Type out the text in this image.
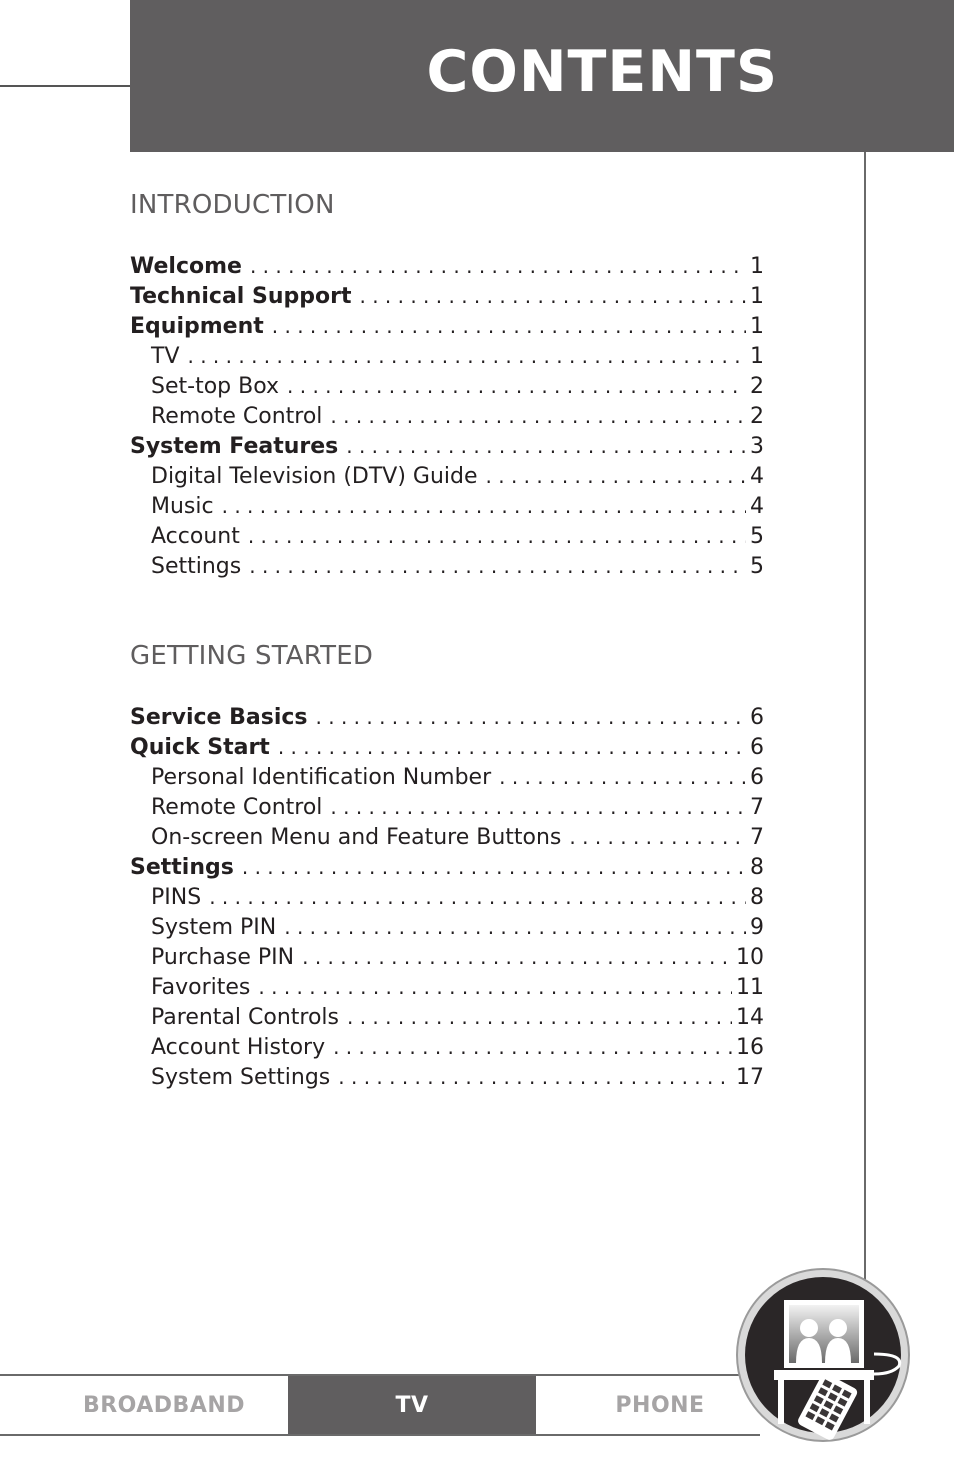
CONTENTS
INTRODUCTION
Welcome . . .	1
Technical Support . . .	1
Equipment . . .	1
TV . . .	1
Set-top Box . . .	2
Remote Control . . .	2
System Features . . .	3
Digital Television (DTV) Guide . . .	4
Music . . .	4
Account . . .	5
Settings . . .	5
GETTING STARTED
Service Basics . . .	6
Quick Start . . .	6
Personal Identification Number . . .	6
Remote Control . . .	7
On-screen Menu and Feature Buttons . . .	7
Settings . . .	8
PINS . . .	8
System PIN . . .	9
Purchase PIN . . .	10
Favorites . . .	11
Parental Controls . . .	14
Account History . . .	16
System Settings . . .	17
BROADBAND	TV	PHONE
